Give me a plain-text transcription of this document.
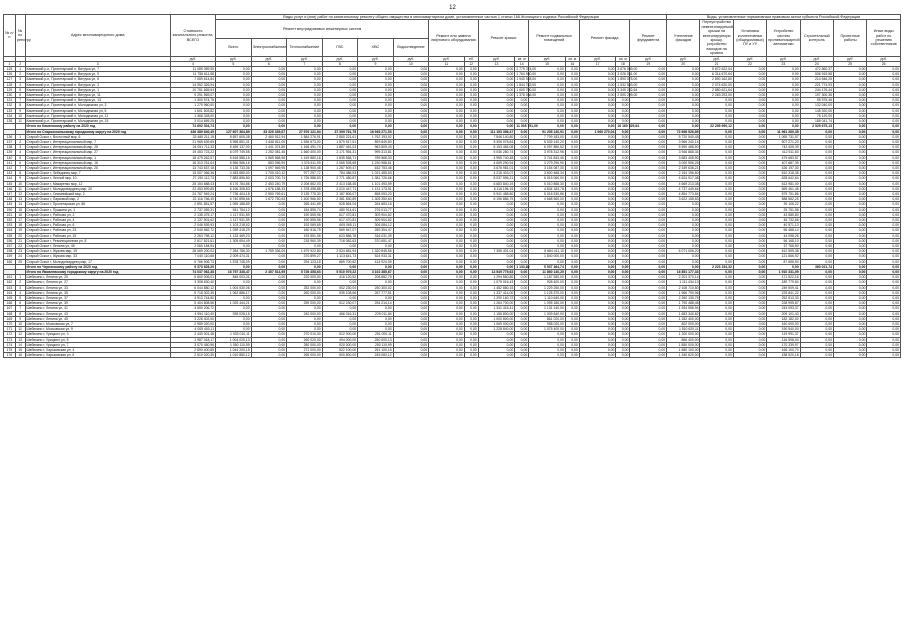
12
№ п/п	№ по реестру	Адрес многоквартирного дома	Стоимость капитального ремонта, ВСЕГО	Виды услуг и (или) работ по капитальному ремонту общего имущества в многоквартирном доме, установленные частью 1 статьи 166 Жилищного кодекса Российской Федерации															Виды, установленные нормативным правовым актом субъекта Российской Федерации						
				Ремонт внутридомовых инженерных систем						Ремонт или замена лифтового оборудования		Ремонт крыши		Ремонт подвальных помещений		Ремонт фасада		Ремонт фундамента	Утепление фасадов	Переустройство невентилируемой крыши на вентилируемую крышу, устройство выходов на кровлю	Установка коллективных (общедомовых) ПУ и УУ	Устройство систем противопожарной автоматики	Строительный контроль	Проектные работы	Иные виды работ по решению собственников
				Всего	Электроснабжение	Теплоснабжение	ГВС	ХВС	Водоотведение																
			руб.	руб.	руб.	руб.	руб.	руб.	руб.	руб.	ед.	руб.	кв. м	руб.	кв. м	руб.	кв. м	руб.	руб.	руб.	руб.	руб.	руб.	руб.	руб.
1	2	3	4	5	6	7	8	9	10	11	12	13	14	15	16	17	18	19	20	21	22	23	24	25	26
125	1	Каменский р-н, Пролетарский п, Витрука ул, 7	11 089 089,95	0,00	0,00	0,00	0,00	0,00	0,00	0,00	0,00	0,00	2 779 374,00	0,00	0,00	0,00	3 676 089,00	0,00	0,00	5 872 622,04	0,00	0,00	472 860,37	0,00	0,00
126	2	Каменский р-н, Пролетарский п, Витрука ул, 9	11 756 611,58	0,00	0,00	0,00	0,00	0,00	0,00	0,00	0,00	0,00	1 764 930,00	0,00	0,00	0,00	3 026 031,00	0,00	0,00	6 314 670,64	0,00	0,00	536 919,58	0,00	0,00
127	3	Каменский р-н, Пролетарский п, Витрука ул, 5	7 089 614,84	0,00	0,00	0,00	0,00	0,00	0,00	0,00	0,00	0,00	1 940 928,00	0,00	0,00	0,00	1 890 075,00	0,00	0,00	2 890 162,80	0,00	0,00	214 546,25	0,00	0,00
128	4	Каменский р-н, Пролетарский п, Витрука ул, 3	14 952 326,94	0,00	0,00	0,00	0,00	0,00	0,00	0,00	0,00	0,00	1 844 783,00	0,00	0,00	0,00	1 532 803,00	0,00	0,00	2 074 620,00	0,00	0,00	221 774,93	0,00	0,00
129	5	Каменский р-н, Пролетарский п, Витрука ул, 1	10 751 665,54	0,00	0,00	0,00	0,00	0,00	0,00	0,00	0,00	0,00	1 600 700,00	0,00	0,00	0,00	3 345 232,64	0,00	0,00	2 880 621,64	0,00	0,00	244 176,44	0,00	0,00
130	6	Каменский р-н, Пролетарский п, Витрука ул, 11	9 291 569,07	0,00	0,00	0,00	0,00	0,00	0,00	0,00	0,00	0,00	1 378 036,00	0,00	0,00	0,00	2 690 299,00	0,00	0,00	2 263 293,00	0,00	0,00	197 300,36	0,00	0,00
131	7	Каменский р-н, Пролетарский п, Витрука ул, 13	1 300 974,75	0,00	0,00	0,00	0,00	0,00	0,00	0,00	0,00	0,00	0,00	0,00	0,00	0,00	0,00	0,00	0,00	0,00	0,00	0,00	95 975,46	0,00	0,00
132	8	Каменский р-н, Пролетарский п, Молодежная ул, 3	1 275 960,00	0,00	0,00	0,00	0,00	0,00	0,00	0,00	0,00	0,00	0,00	0,00	0,00	0,00	0,00	0,00	0,00	0,00	0,00	0,00	132 040,00	0,00	0,00
133	9	Каменский р-н, Пролетарский п, Молодежная ул, 5	1 601 503,82	0,00	0,00	0,00	0,00	0,00	0,00	0,00	0,00	0,00	0,00	0,00	0,00	0,00	0,00	0,00	0,00	0,00	0,00	0,00	145 920,00	0,00	0,00
134	10	Каменский р-н, Пролетарский п, Молодежная ул, 11	1 368 328,00	0,00	0,00	0,00	0,00	0,00	0,00	0,00	0,00	0,00	0,00	0,00	0,00	0,00	0,00	0,00	0,00	0,00	0,00	0,00	76 120,00	0,00	0,00
135	11	Каменский р-н, Пролетарский п, Молодежная ул, 15	3 014 659,25	0,00	0,00	0,00	0,00	0,00	0,00	0,00	0,00	0,00	0,00	0,00	0,00	0,00	0,00	0,00	0,00	0,00	0,00	0,00	188 041,74	0,00	0,00
		Итого по Каменскому району на 2020 год	74 692 304,74	0,00	0,00	0,00	0,00	0,00	0,00	0,00	0,00	0,00	11 308 751,00	0,00	0,00	0,00	16 160 529,64	0,00	0,00	22 295 990,12	0,00	0,00	2 525 675,13	0,00	0,00
		Итого по Старооскольскому городскому округу на 2020 год	436 389 640,49	127 607 364,89	33 325 339,67	27 976 121,94	37 399 761,75	16 963 271,53	0,00	0,00	0,00	111 153 396,47	0,00	91 205 140,91	0,00	1 960 270,04	0,00	0,00	72 698 526,89	0,00	0,00	11 961 260,35	0,00	0,00	0,00
136	1	Старый Оскол г, Восточный мкр, 6	33 485 211,15	8 657 605,38	2 460 912,94	1 584 276,91	2 850 221,61	1 762 193,92	0,00	0,00	0,00	7 846 140,80	0,00	7 709 183,00	0,00	0,00	0,00	0,00	5 720 540,48	0,00	0,00	1 065 731,57	0,00	0,00	0,00
137	2	Старый Оскол г, Интернациональный мкр, 7	21 965 639,65	5 958 851,31	1 648 811,00	1 536 673,00	1 879 517,51	893 849,80	0,00	0,00	0,00	5 306 078,84	0,00	5 039 140,20	0,00	0,00	0,00	0,00	3 966 240,14	0,00	0,00	507 271,20	0,00	0,00	0,00
138	3	Старый Оскол г, Интернациональный мкр, 25	24 051 711,33	5 459 137,00	1 441 374,80	1 166 491,74	1 887 461,03	963 809,43	0,00	0,00	0,00	6 153 484,08	0,00	6 097 880,52	0,00	0,00	0,00	0,00	5 590 488,50	0,00	0,00	742 405,39	0,00	0,00	0,00
139	4	Старый Оскол г, Интернациональный мкр, 27	19 453 723,22	6 079 749,58	1 252 081,46	1 660 400,00	2 171 954,31	995 313,81	0,00	0,00	0,00	5 036 280,74	0,00	3 978 312,96	0,00	0,00	0,00	0,00	3 946 868,34	0,00	0,00	412 511,60	0,00	0,00	0,00
140	5	Старый Оскол г, Интернациональный мкр, 1	18 479 262,57	5 618 586,16	1 569 568,96	1 419 880,16	1 839 568,71	789 568,33	0,00	0,00	0,00	4 955 740,48	0,00	3 741 843,46	0,00	0,00	0,00	0,00	3 683 408,90	0,00	0,00	479 683,57	0,00	0,00	0,00
141	6	Старый Оскол г, Интернациональный мкр, 16	16 313 761,64	5 556 586,16	883 056,90	1 376 611,99	2 065 928,65	1 230 988,61	0,00	0,00	0,00	4 069 290,94	0,00	3 279 290,90	0,00	0,00	0,00	0,00	3 000 906,25	0,00	0,00	407 687,39	0,00	0,00	0,00
142	7	Старый Оскол г, Интернациональный мкр, 26	13 743 637,18	4 136 733,36	1 097 569,95	1 138 900,48	1 267 509,47	632 753,46	0,00	0,00	0,00	3 676 981,01	0,00	3 154 087,30	0,00	0,00	0,00	0,00	2 349 638,21	0,00	0,00	426 197,30	0,00	0,00	0,00
143	8	Старый Оскол г, Лебединец мкр, 7	15 007 066,36	4 483 680,00	1 700 410,12	977 297,72	784 486,53	1 021 485,63	0,00	0,00	0,00	4 218 403,07	0,00	3 600 468,34	0,00	0,00	0,00	0,00	2 194 196,60	0,00	0,00	510 318,35	0,00	0,00	0,00
144	9	Старый Оскол г, Лесной мкр, 10	27 190 112,73	7 883 896,80	2 003 700,74	1 726 988,53	2 771 480,87	1 381 726,66	0,00	0,00	0,00	8 037 596,21	0,00	6 015 060,00	0,00	0,00	0,00	0,00	4 624 917,08	0,00	0,00	628 642,64	0,00	0,00	0,00
145	10	Старый Оскол г, Макаренко мкр, 12	25 154 688,43	8 176 784,86	2 453 240,79	2 208 882,03	2 413 168,45	1 101 493,59	0,00	0,00	0,00	6 683 840,19	0,00	5 010 868,30	0,00	0,00	0,00	0,00	4 669 213,08	0,00	0,00	613 981,00	0,00	0,00	0,00
146	11	Старый Оскол г, Молодогвардеец мкр, 20	22 453 599,85	6 196 308,83	1 676 188,33	1 378 498,88	2 010 447,71	1 131 173,91	0,00	0,00	0,00	6 116 196,15	0,00	4 834 183,78	0,00	0,00	0,00	0,00	4 737 449,64	0,00	0,00	569 461,45	0,00	0,00	0,00
147	12	Старый Оскол г, Олимпийский мкр, 2	24 767 949,24	7 736 404,18	2 550 769,61	2 139 775,30	2 187 806,07	858 053,20	0,00	0,00	0,00	5 941 488,80	0,00	5 016 530,86	0,00	0,00	0,00	0,00	4 894 773,54	0,00	0,00	579 751,86	0,00	0,00	0,00
148	13	Старый Оскол г, Парковый мкр, 2	22 116 766,49	6 740 898,66	1 672 750,63	1 400 966,50	2 361 830,89	1 305 350,64	0,00	0,00	0,00	6 196 886,75	0,00	4 668 560,00	0,00	0,00	0,00	0,00	3 622 158,83	0,00	0,00	588 562,25	0,00	0,00	0,00
149	14	Старый Оскол г, Пролетарская ул, 86	2 891 851,57	1 059 188,89	0,00	265 441,69	528 864,04	264 883,16	0,00	0,00	0,00	0,00	0,00	0,00	0,00	0,00	0,00	0,00	0,00	0,00	0,00	39 106,22	0,00	0,00	0,00
150	15	Старый Оскол г, Пушкина ул, 1	2 737 059,31	941 754,12	0,00	184 855,74	480 914,61	276 013,77	0,00	0,00	0,00	0,00	0,00	0,00	0,00	0,00	0,00	0,00	0,00	0,00	0,00	25 751,58	0,00	0,00	0,00
151	16	Старый Оскол г, Рабочая ул, 2	2 135 475,17	1 117 931,59	0,00	190 555,96	617 470,81	309 904,82	0,00	0,00	0,00	0,00	0,00	0,00	0,00	0,00	0,00	0,00	0,00	0,00	0,00	43 585,80	0,00	0,00	0,00
152	17	Старый Оскол г, Рабочая ул, 4	2 137 901,62	1 117 931,59	0,00	190 555,96	617 470,81	309 904,82	0,00	0,00	0,00	0,00	0,00	0,00	0,00	0,00	0,00	0,00	0,00	0,00	0,00	45 732,66	0,00	0,00	0,00
153	18	Старый Оскол г, Рабочая ул, 6	2 046 539,93	1 103 218,92	0,00	192 069,69	605 065,11	306 084,12	0,00	0,00	0,00	0,00	0,00	0,00	0,00	0,00	0,00	0,00	0,00	0,00	0,00	40 571,13	0,00	0,00	0,00
154	19	Старый Оскол г, Рабочая ул, 23	2 040 582,72	1 039 418,29	0,00	180 516,75	569 547,07	289 354,47	0,00	0,00	0,00	0,00	0,00	0,00	0,00	0,00	0,00	0,00	0,00	0,00	0,00	56 488,14	0,00	0,00	0,00
155	20	Старый Оскол г, Рабочая ул, 15	2 263 798,12	1 133 469,23	0,00	193 551,06	623 886,78	316 031,39	0,00	0,00	0,00	0,00	0,00	0,00	0,00	0,00	0,00	0,00	0,00	0,00	0,00	44 098,26	0,00	0,00	0,00
156	21	Старый Оскол г, Революционная ул, 8	2 617 521,61	1 305 694,49	0,00	218 960,39	716 082,63	370 651,47	0,00	0,00	0,00	0,00	0,00	0,00	0,00	0,00	0,00	0,00	0,00	0,00	0,00	56 168,10	0,00	0,00	0,00
157	22	Старый Оскол г, Ленина ул, 46	2 060 184,54	0,00	0,00	0,00	0,00	0,00	0,00	0,00	0,00	0,00	0,00	0,00	0,00	0,00	0,00	0,00	0,00	0,00	0,00	37 766,50	0,00	0,00	0,00
158	23	Старый Оскол г, Жукова мкр, 19	28 069 200,02	7 284 786,30	1 759 336,00	1 679 922,80	2 524 681,94	1 320 845,56	0,00	0,00	0,00	7 356 401,04	0,00	5 684 411,10	0,00	0,00	0,00	0,00	6 071 006,20	0,00	0,00	612 595,38	0,00	0,00	0,00
159	24	Старый Оскол г, Жукова мкр, 33	7 040 110,66	2 009 474,31	0,00	370 899,27	1 113 641,73	524 933,31	0,00	0,00	0,00	0,00	0,00	1 840 000,00	0,00	0,00	0,00	0,00	0,00	0,00	0,00	121 866,92	0,00	0,00	0,00
160	25	Старый Оскол г, Молодогвардеец мкр, 17	5 766 906,73	1 578 748,09	0,00	294 123,18	869 700,82	414 924,09	0,00	0,00	0,00	0,00	0,00	0,00	0,00	0,00	0,00	0,00	0,00	0,00	0,00	87 656,94	0,00	0,00	0,00
		Итого по Чернянскому району на 2020 год	9 373 628,29	0,00	0,00	0,00	0,00	0,00	0,00	0,00	0,00	0,00	1 133,80	5 537 364,74	0,00	0,00	0,00	0,00	0,00	2 223 154,32	0,00	0,00	380 021,74	0,00	0,00
		Итого по Яковлевскому городскому округу на 2020 год	74 037 062,38	16 797 338,47	2 457 514,95	5 726 458,63	5 510 979,22	3 102 385,67	0,00	0,00	0,00	14 549 779,63	0,00	11 860 140,25	0,00	0,00	0,00	0,00	16 851 177,33	0,00	0,00	1 910 331,09	0,00	0,00	0,00
161	1	Шебекино г, Ленина ул, 25	5 800 006,01	845 003,31	0,00	220 000,00	416 120,52	208 882,79	0,00	0,00	0,00	1 294 560,80	0,00	1 187 550,00	0,00	0,00	0,00	0,00	2 201 370,14	0,00	0,00	171 522,16	0,00	0,00	0,00
162	2	Шебекино г, Ленина ул, 27	3 308 630,40	0,00	0,00	0,00	0,00	0,00	0,00	0,00	0,00	1 079 016,43	0,00	928 400,00	0,00	0,00	0,00	0,00	1 111 434,13	0,00	0,00	189 779,84	0,00	0,00	0,00
163	3	Шебекино г, Ленина ул, 33	6 044 880,12	1 004 530,06	0,00	252 000,00	502 230,04	250 300,02	0,00	0,00	0,00	1 452 880,15	0,00	1 229 250,00	0,00	0,00	0,00	0,00	2 108 710,50	0,00	0,00	249 509,41	0,00	0,00	0,00
164	4	Шебекино г, Ленина ул, 35	5 718 302,35	1 062 886,17	0,00	260 000,00	535 108,66	267 777,51	0,00	0,00	0,00	1 337 414,00	0,00	1 125 370,00	0,00	0,00	0,00	0,00	1 966 790,96	0,00	0,00	225 841,22	0,00	0,00	0,00
165	5	Шебекино г, Ленина ул, 37	4 913 744,80	0,00	0,00	0,00	0,00	0,00	0,00	0,00	0,00	1 290 160,72	0,00	1 110 640,00	0,00	0,00	0,00	0,00	2 260 130,75	0,00	0,00	252 813,33	0,00	0,00	0,00
166	6	Шебекино г, Ленина ул, 39	5 404 808,56	1 025 444,21	0,00	259 000,00	512 230,07	254 214,14	0,00	0,00	0,00	1 264 700,00	0,00	1 095 180,00	0,00	0,00	0,00	0,00	1 790 488,48	0,00	0,00	228 995,87	0,00	0,00	0,00
167	7	Шебекино г, Ленина ул, 41	4 650 206,72	0,00	0,00	0,00	0,00	0,00	0,00	0,00	0,00	1 341 416,41	0,00	1 131 140,00	0,00	0,00	0,00	0,00	1 934 556,94	0,00	0,00	243 093,37	0,00	0,00	0,00
168	8	Шебекино г, Ленина ул, 43	4 994 110,40	935 028,15	0,00	240 000,00	466 016,31	229 011,84	0,00	0,00	0,00	1 156 800,00	0,00	1 009 840,00	0,00	0,00	0,00	0,00	1 683 340,82	0,00	0,00	209 101,43	0,00	0,00	0,00
169	9	Шебекино г, Ленина ул, 45	3 226 402,00	0,00	0,00	0,00	0,00	0,00	0,00	0,00	0,00	1 000 800,00	0,00	861 020,00	0,00	0,00	0,00	0,00	1 182 400,00	0,00	0,00	182 182,00	0,00	0,00	0,00
170	10	Шебекино г, Московская ул, 7	2 989 020,00	0,00	0,00	0,00	0,00	0,00	0,00	0,00	0,00	1 069 000,00	0,00	958 020,00	0,00	0,00	0,00	0,00	802 000,00	0,00	0,00	160 000,00	0,00	0,00	0,00
171	11	Шебекино г, Московская ул, 9	4 005 400,11	0,00	0,00	0,00	0,00	0,00	0,00	0,00	0,00	1 228 840,00	0,00	1 075 400,00	0,00	0,00	0,00	0,00	1 510 620,11	0,00	0,00	190 540,00	0,00	0,00	0,00
172	12	Шебекино г, Урицкого ул, 3	2 440 001,48	1 033 010,11	0,00	270 010,00	512 000,00	251 000,11	0,00	0,00	0,00	0,00	0,00	0,00	0,00	0,00	0,00	0,00	1 200 000,00	0,00	0,00	119 991,37	0,00	0,00	0,00
173	13	Шебекино г, Урицкого ул, 5	1 987 018,17	1 004 020,13	0,00	260 020,00	494 000,00	250 000,13	0,00	0,00	0,00	0,00	0,00	0,00	0,00	0,00	0,00	0,00	866 400,00	0,00	0,00	116 598,04	0,00	0,00	0,00
174	14	Шебекино г, Урицкого ул, 7	3 070 450,96	1 050 110,99	0,00	280 000,00	520 000,00	250 110,99	0,00	0,00	0,00	0,00	0,00	0,00	0,00	0,00	0,00	0,00	1 850 000,00	0,00	0,00	170 339,97	0,00	0,00	0,00
175	15	Шебекино г, Харьковская ул, 4	2 890 400,85	1 044 200,15	0,00	271 000,00	522 100,00	251 100,15	0,00	0,00	0,00	0,00	0,00	0,00	0,00	0,00	0,00	0,00	1 680 100,00	0,00	0,00	166 100,70	0,00	0,00	0,00
176	16	Шебекино г, Харьковская ул, 6	2 510 020,30	1 010 880,12	0,00	265 000,00	500 800,00	245 080,12	0,00	0,00	0,00	0,00	0,00	0,00	0,00	0,00	0,00	0,00	1 340 620,00	0,00	0,00	158 520,18	0,00	0,00	0,00
